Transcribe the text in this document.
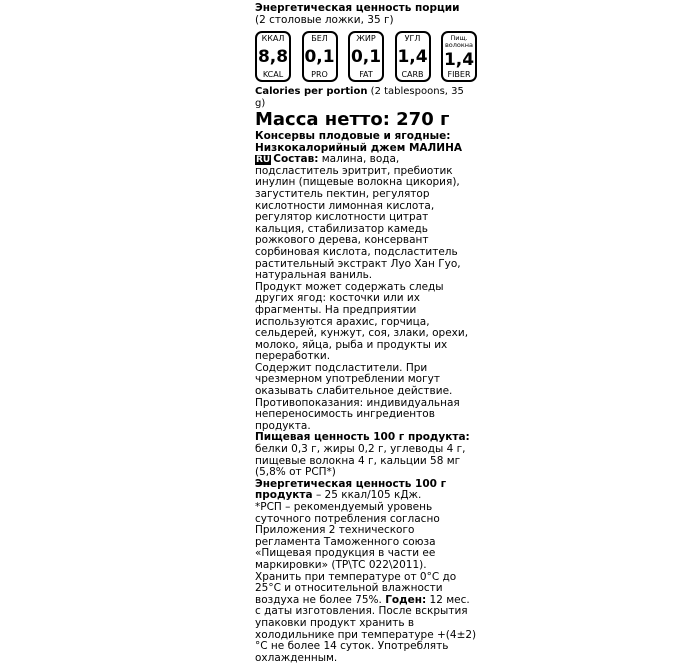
Энергетическая ценность порции
(2 столовые ложки, 35 г)
ККАЛ
8,8
KCAL
БЕЛ
0,1
PRO
ЖИР
0,1
FAT
УГЛ
1,4
CARB
Пищ. волокна
1,4
FIBER
Calories per portion (2 tablespoons, 35 g)
Масса нетто: 270 г
Консервы плодовые и ягодные:
Низкокалорийный джем МАЛИНА

RU Состав: малина, вода, подсластитель эритрит, пребиотик инулин (пищевые волокна цикория), загуститель пектин, регулятор кислотности лимонная кислота, регулятор кислотности цитрат кальция, стабилизатор камедь рожкового дерева, консервант сорбиновая кислота, подсластитель растительный экстракт Луо Хан Гуо, натуральная ваниль.

Продукт может содержать следы других ягод: косточки или их фрагменты. На предприятии используются арахис, горчица, сельдерей, кунжут, соя, злаки, орехи, молоко, яйца, рыба и продукты их переработки.

Содержит подсластители. При чрезмерном употреблении могут оказывать слабительное действие.

Противопоказания: индивидуальная непереносимость ингредиентов продукта.

Пищевая ценность 100 г продукта: белки 0,3 г, жиры 0,2 г, углеводы 4 г, пищевые волокна 4 г, кальции 58 мг (5,8% от РСП*)

Энергетическая ценность 100 г продукта – 25 ккал/105 кДж.

*РСП – рекомендуемый уровень суточного потребления согласно Приложения 2 технического регламента Таможенного союза «Пищевая продукция в части ее маркировки» (ТР\ТС 022\2011).

Хранить при температуре от 0°С до 25°С и относительной влажности воздуха не более 75%. Годен: 12 мес. с даты изготовления. После вскрытия упаковки продукт хранить в холодильнике при температуре +(4±2)°С не более 14 суток. Употреблять охлажденным.
